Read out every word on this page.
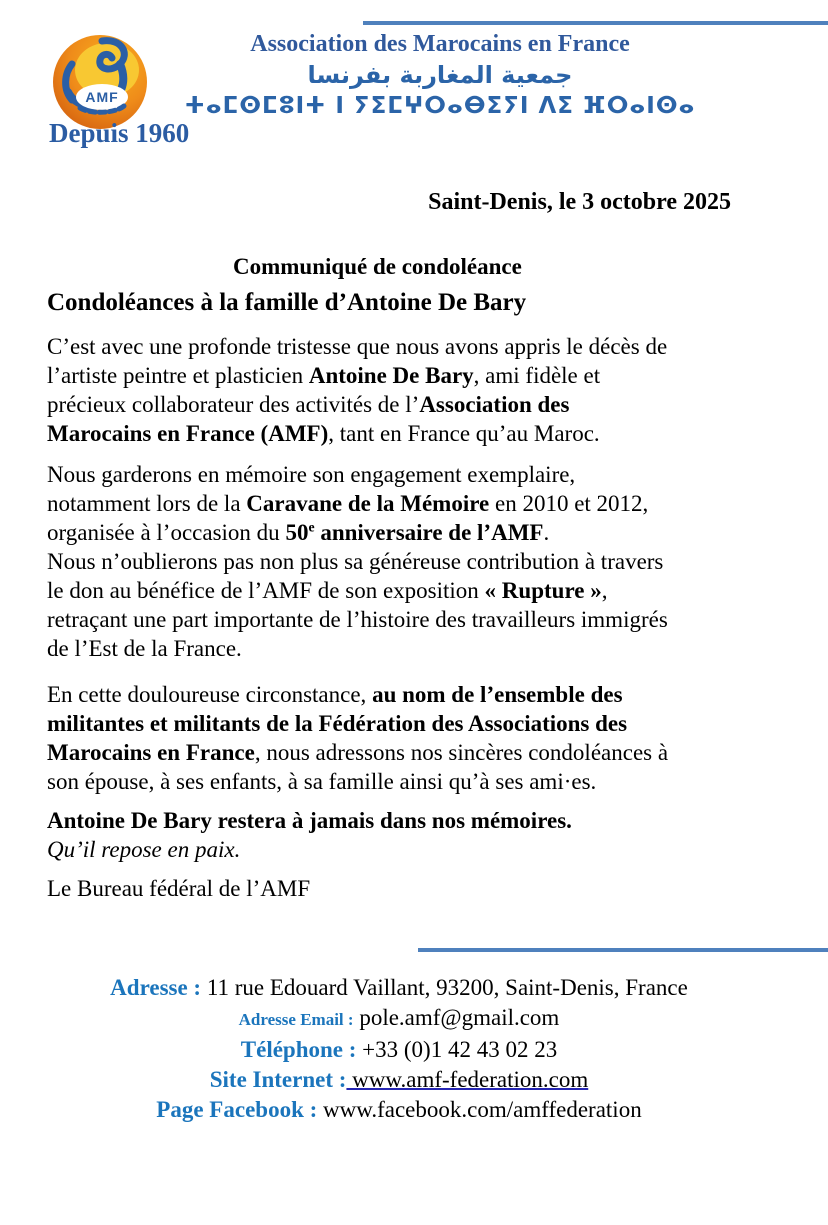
AMF
Depuis 1960
Association des Marocains en France
جمعية المغاربة بفرنسا
ⵜⴰⵎⵙⵎⵓⵏⵜ ⵏ ⵢⵉⵎⵖⵔⴰⴱⵉⵢⵏ ⴷⵉ ⴼⵔⴰⵏⵙⴰ
Saint-Denis, le 3 octobre 2025
Communiqué de condoléance
Condoléances à la famille d’Antoine De Bary

C’est avec une profonde tristesse que nous avons appris le décès de
l’artiste peintre et plasticien Antoine De Bary, ami fidèle et
précieux collaborateur des activités de l’Association des
Marocains en France (AMF), tant en France qu’au Maroc.

Nous garderons en mémoire son engagement exemplaire,
notamment lors de la Caravane de la Mémoire en 2010 et 2012,
organisée à l’occasion du 50e anniversaire de l’AMF.

Nous n’oublierons pas non plus sa généreuse contribution à travers
le don au bénéfice de l’AMF de son exposition « Rupture »,
retraçant une part importante de l’histoire des travailleurs immigrés
de l’Est de la France.

En cette douloureuse circonstance, au nom de l’ensemble des
militantes et militants de la Fédération des Associations des
Marocains en France, nous adressons nos sincères condoléances à
son épouse, à ses enfants, à sa famille ainsi qu’à ses ami·es.

Antoine De Bary restera à jamais dans nos mémoires.

Qu’il repose en paix.

Le Bureau fédéral de l’AMF

Adresse : 11 rue Edouard Vaillant, 93200, Saint-Denis, France
Adresse Email : pole.amf@gmail.com
Téléphone : +33 (0)1 42 43 02 23
Site Internet : www.amf-federation.com
Page Facebook : www.facebook.com/amffederation
